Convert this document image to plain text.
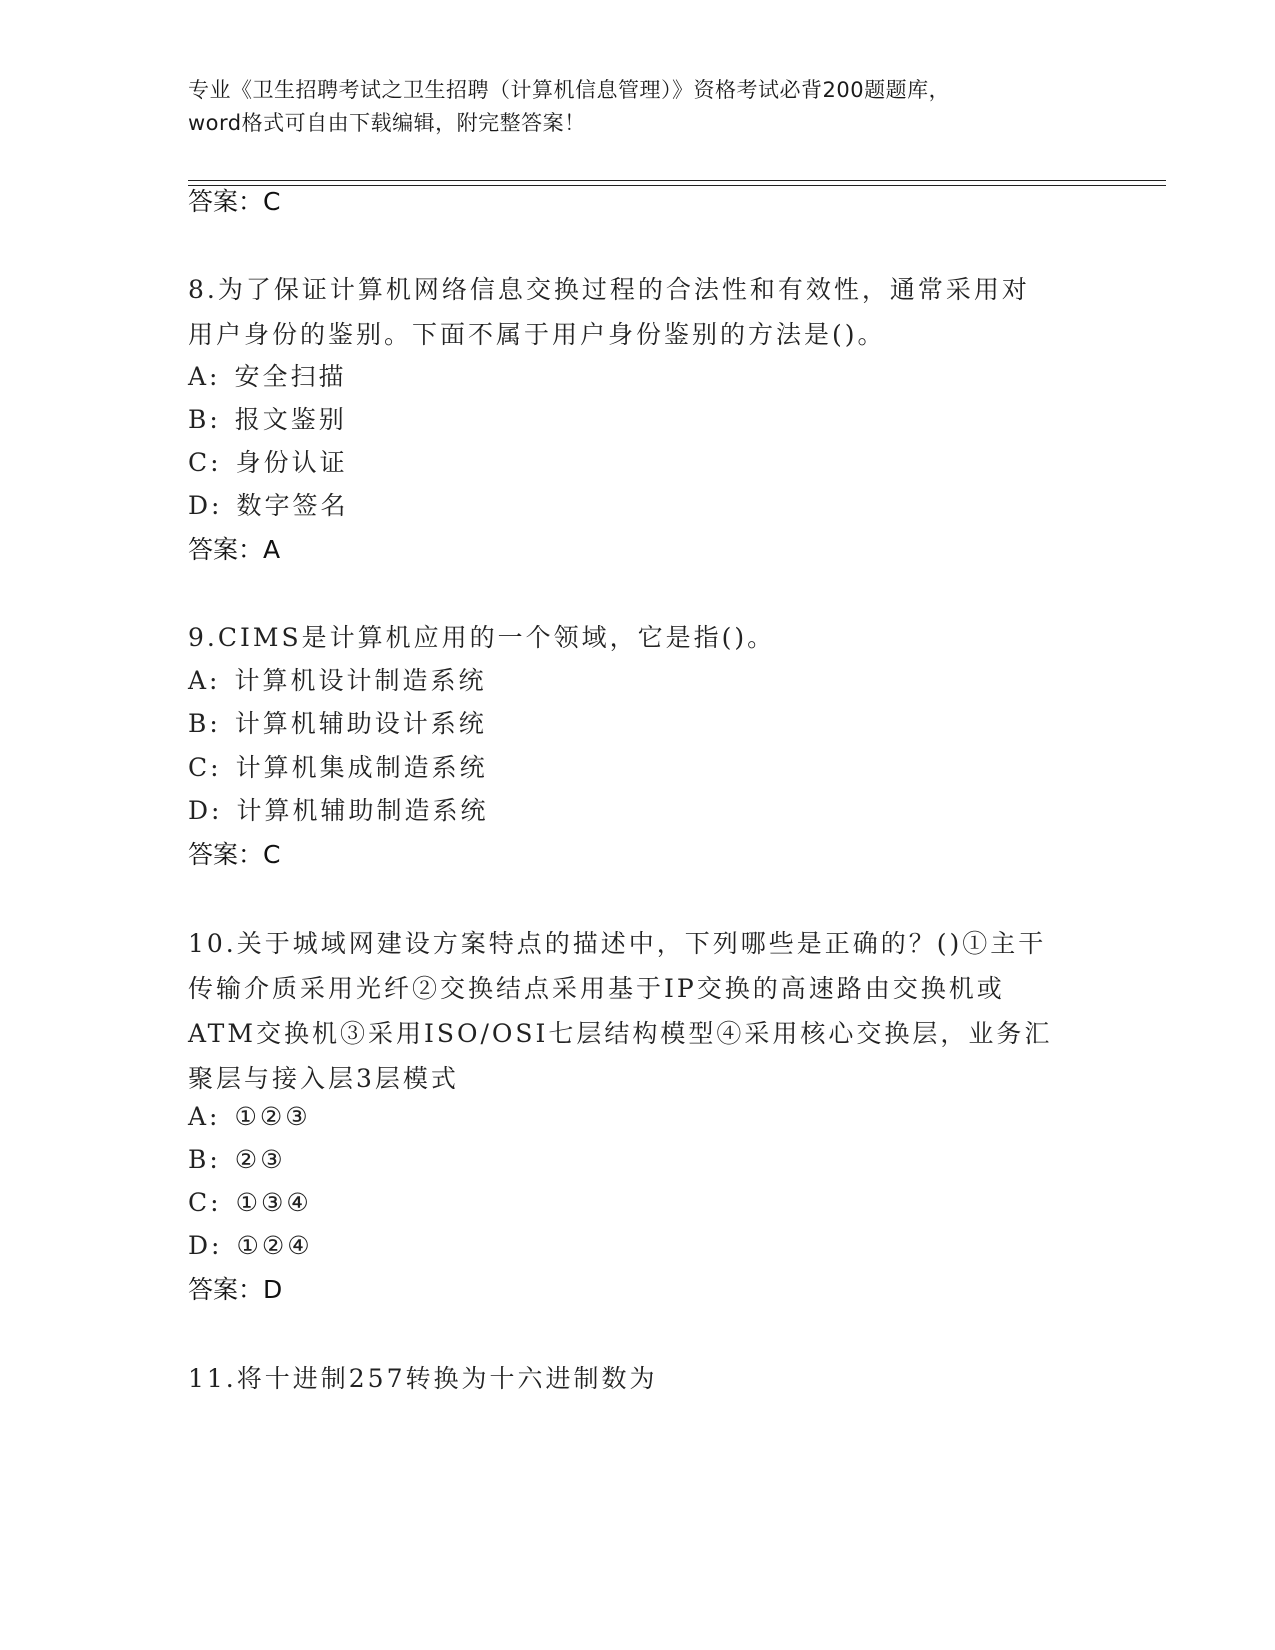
专业《卫生招聘考试之卫生招聘（计算机信息管理）》资格考试必背200题题库，
word格式可自由下载编辑，附完整答案！
答案：C
8.为了保证计算机网络信息交换过程的合法性和有效性，通常采用对
用户身份的鉴别。下面不属于用户身份鉴别的方法是()。
A: 安全扫描
B: 报文鉴别
C: 身份认证
D: 数字签名
答案：A
9.CIMS是计算机应用的一个领域，它是指()。
A: 计算机设计制造系统
B: 计算机辅助设计系统
C: 计算机集成制造系统
D: 计算机辅助制造系统
答案：C
10.关于城域网建设方案特点的描述中，下列哪些是正确的？()①主干
传输介质采用光纤②交换结点采用基于IP交换的高速路由交换机或
ATM交换机③采用ISO/OSI七层结构模型④采用核心交换层，业务汇
聚层与接入层3层模式
A: ①②③
B: ②③
C: ①③④
D: ①②④
答案：D
11.将十进制257转换为十六进制数为
